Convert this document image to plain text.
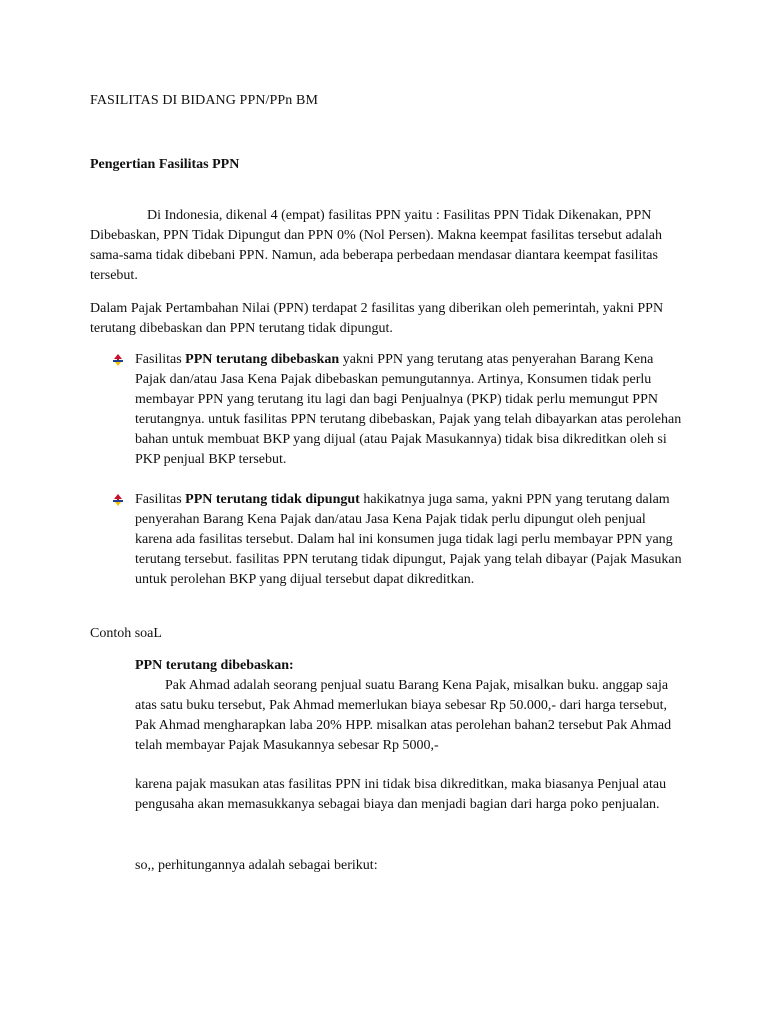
FASILITAS DI BIDANG PPN/PPn BM

Pengertian Fasilitas PPN

Di Indonesia, dikenal 4 (empat) fasilitas PPN yaitu : Fasilitas PPN Tidak Dikenakan, PPN Dibebaskan, PPN Tidak Dipungut dan PPN 0% (Nol Persen). Makna keempat fasilitas tersebut adalah sama-sama tidak dibebani PPN. Namun, ada beberapa perbedaan mendasar diantara keempat fasilitas tersebut.

Dalam Pajak Pertambahan Nilai (PPN) terdapat 2 fasilitas yang diberikan oleh pemerintah, yakni PPN terutang dibebaskan dan PPN terutang tidak dipungut.

Fasilitas PPN terutang dibebaskan yakni PPN yang terutang atas penyerahan Barang Kena Pajak dan/atau Jasa Kena Pajak dibebaskan pemungutannya. Artinya, Konsumen tidak perlu membayar PPN yang terutang itu lagi dan bagi Penjualnya (PKP) tidak perlu memungut PPN terutangnya. untuk fasilitas PPN terutang dibebaskan, Pajak yang telah dibayarkan atas perolehan bahan untuk membuat BKP yang dijual (atau Pajak Masukannya) tidak bisa dikreditkan oleh si PKP penjual BKP tersebut.
Fasilitas PPN terutang tidak dipungut hakikatnya juga sama, yakni PPN yang terutang dalam penyerahan Barang Kena Pajak dan/atau Jasa Kena Pajak tidak perlu dipungut oleh penjual karena ada fasilitas tersebut. Dalam hal ini konsumen juga tidak lagi perlu membayar PPN yang terutang tersebut. fasilitas PPN terutang tidak dipungut, Pajak yang telah dibayar (Pajak Masukan untuk perolehan BKP yang dijual tersebut dapat dikreditkan.

Contoh soaL

PPN terutang dibebaskan:
Pak Ahmad adalah seorang penjual suatu Barang Kena Pajak, misalkan buku. anggap saja atas satu buku tersebut, Pak Ahmad memerlukan biaya sebesar Rp 50.000,- dari harga tersebut, Pak Ahmad mengharapkan laba 20% HPP. misalkan atas perolehan bahan2 tersebut Pak Ahmad telah membayar Pajak Masukannya sebesar Rp 5000,-

karena pajak masukan atas fasilitas PPN ini tidak bisa dikreditkan, maka biasanya Penjual atau pengusaha akan memasukkanya sebagai biaya dan menjadi bagian dari harga poko penjualan.

so,, perhitungannya adalah sebagai berikut:
